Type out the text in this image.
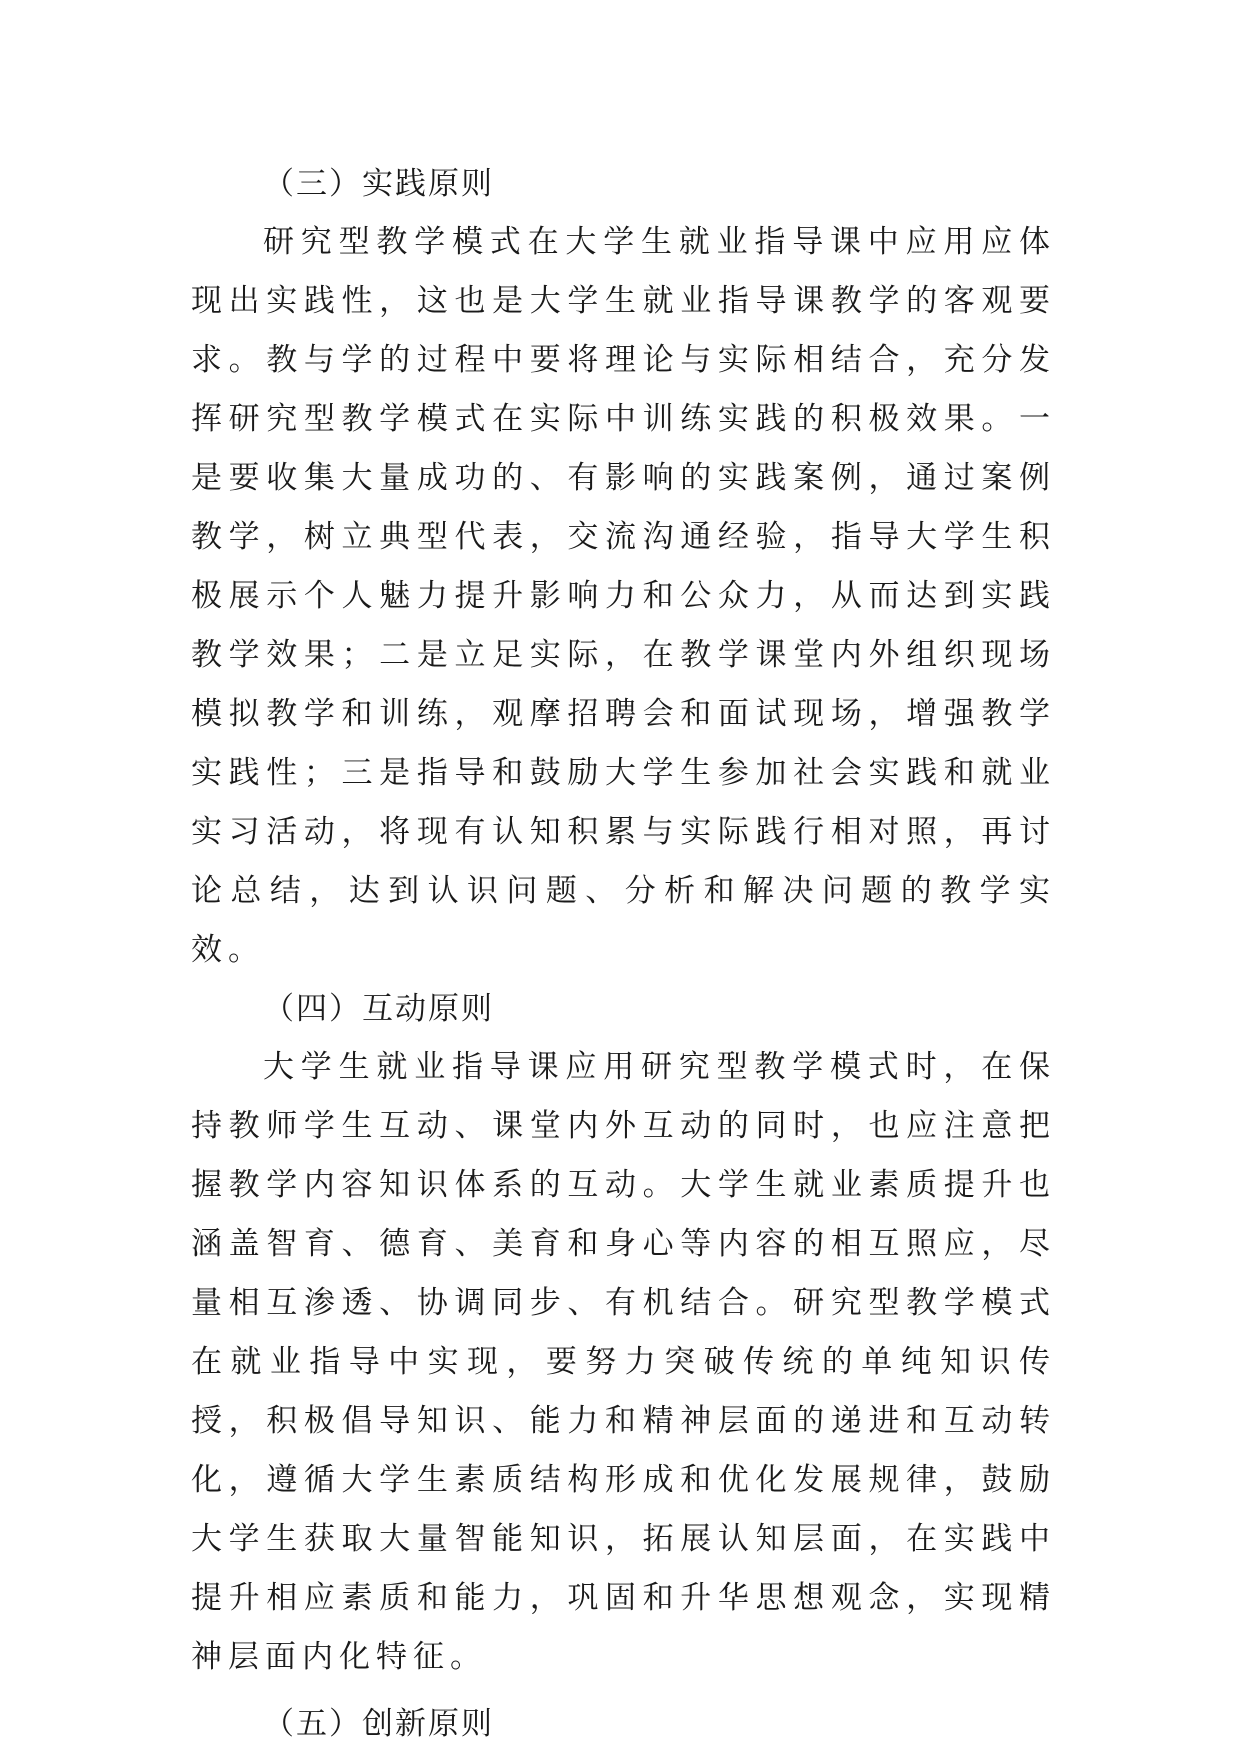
（三）实践原则

研究型教学模式在大学生就业指导课中应用应体现出实践性，这也是大学生就业指导课教学的客观要求。教与学的过程中要将理论与实际相结合，充分发挥研究型教学模式在实际中训练实践的积极效果。一是要收集大量成功的、有影响的实践案例，通过案例教学，树立典型代表，交流沟通经验，指导大学生积极展示个人魅力提升影响力和公众力，从而达到实践教学效果；二是立足实际，在教学课堂内外组织现场模拟教学和训练，观摩招聘会和面试现场，增强教学实践性；三是指导和鼓励大学生参加社会实践和就业实习活动，将现有认知积累与实际践行相对照，再讨论总结，达到认识问题、分析和解决问题的教学实效。

（四）互动原则

大学生就业指导课应用研究型教学模式时，在保持教师学生互动、课堂内外互动的同时，也应注意把握教学内容知识体系的互动。大学生就业素质提升也涵盖智育、德育、美育和身心等内容的相互照应，尽量相互渗透、协调同步、有机结合。研究型教学模式在就业指导中实现，要努力突破传统的单纯知识传授，积极倡导知识、能力和精神层面的递进和互动转化，遵循大学生素质结构形成和优化发展规律，鼓励大学生获取大量智能知识，拓展认知层面，在实践中提升相应素质和能力，巩固和升华思想观念，实现精神层面内化特征。

（五）创新原则
